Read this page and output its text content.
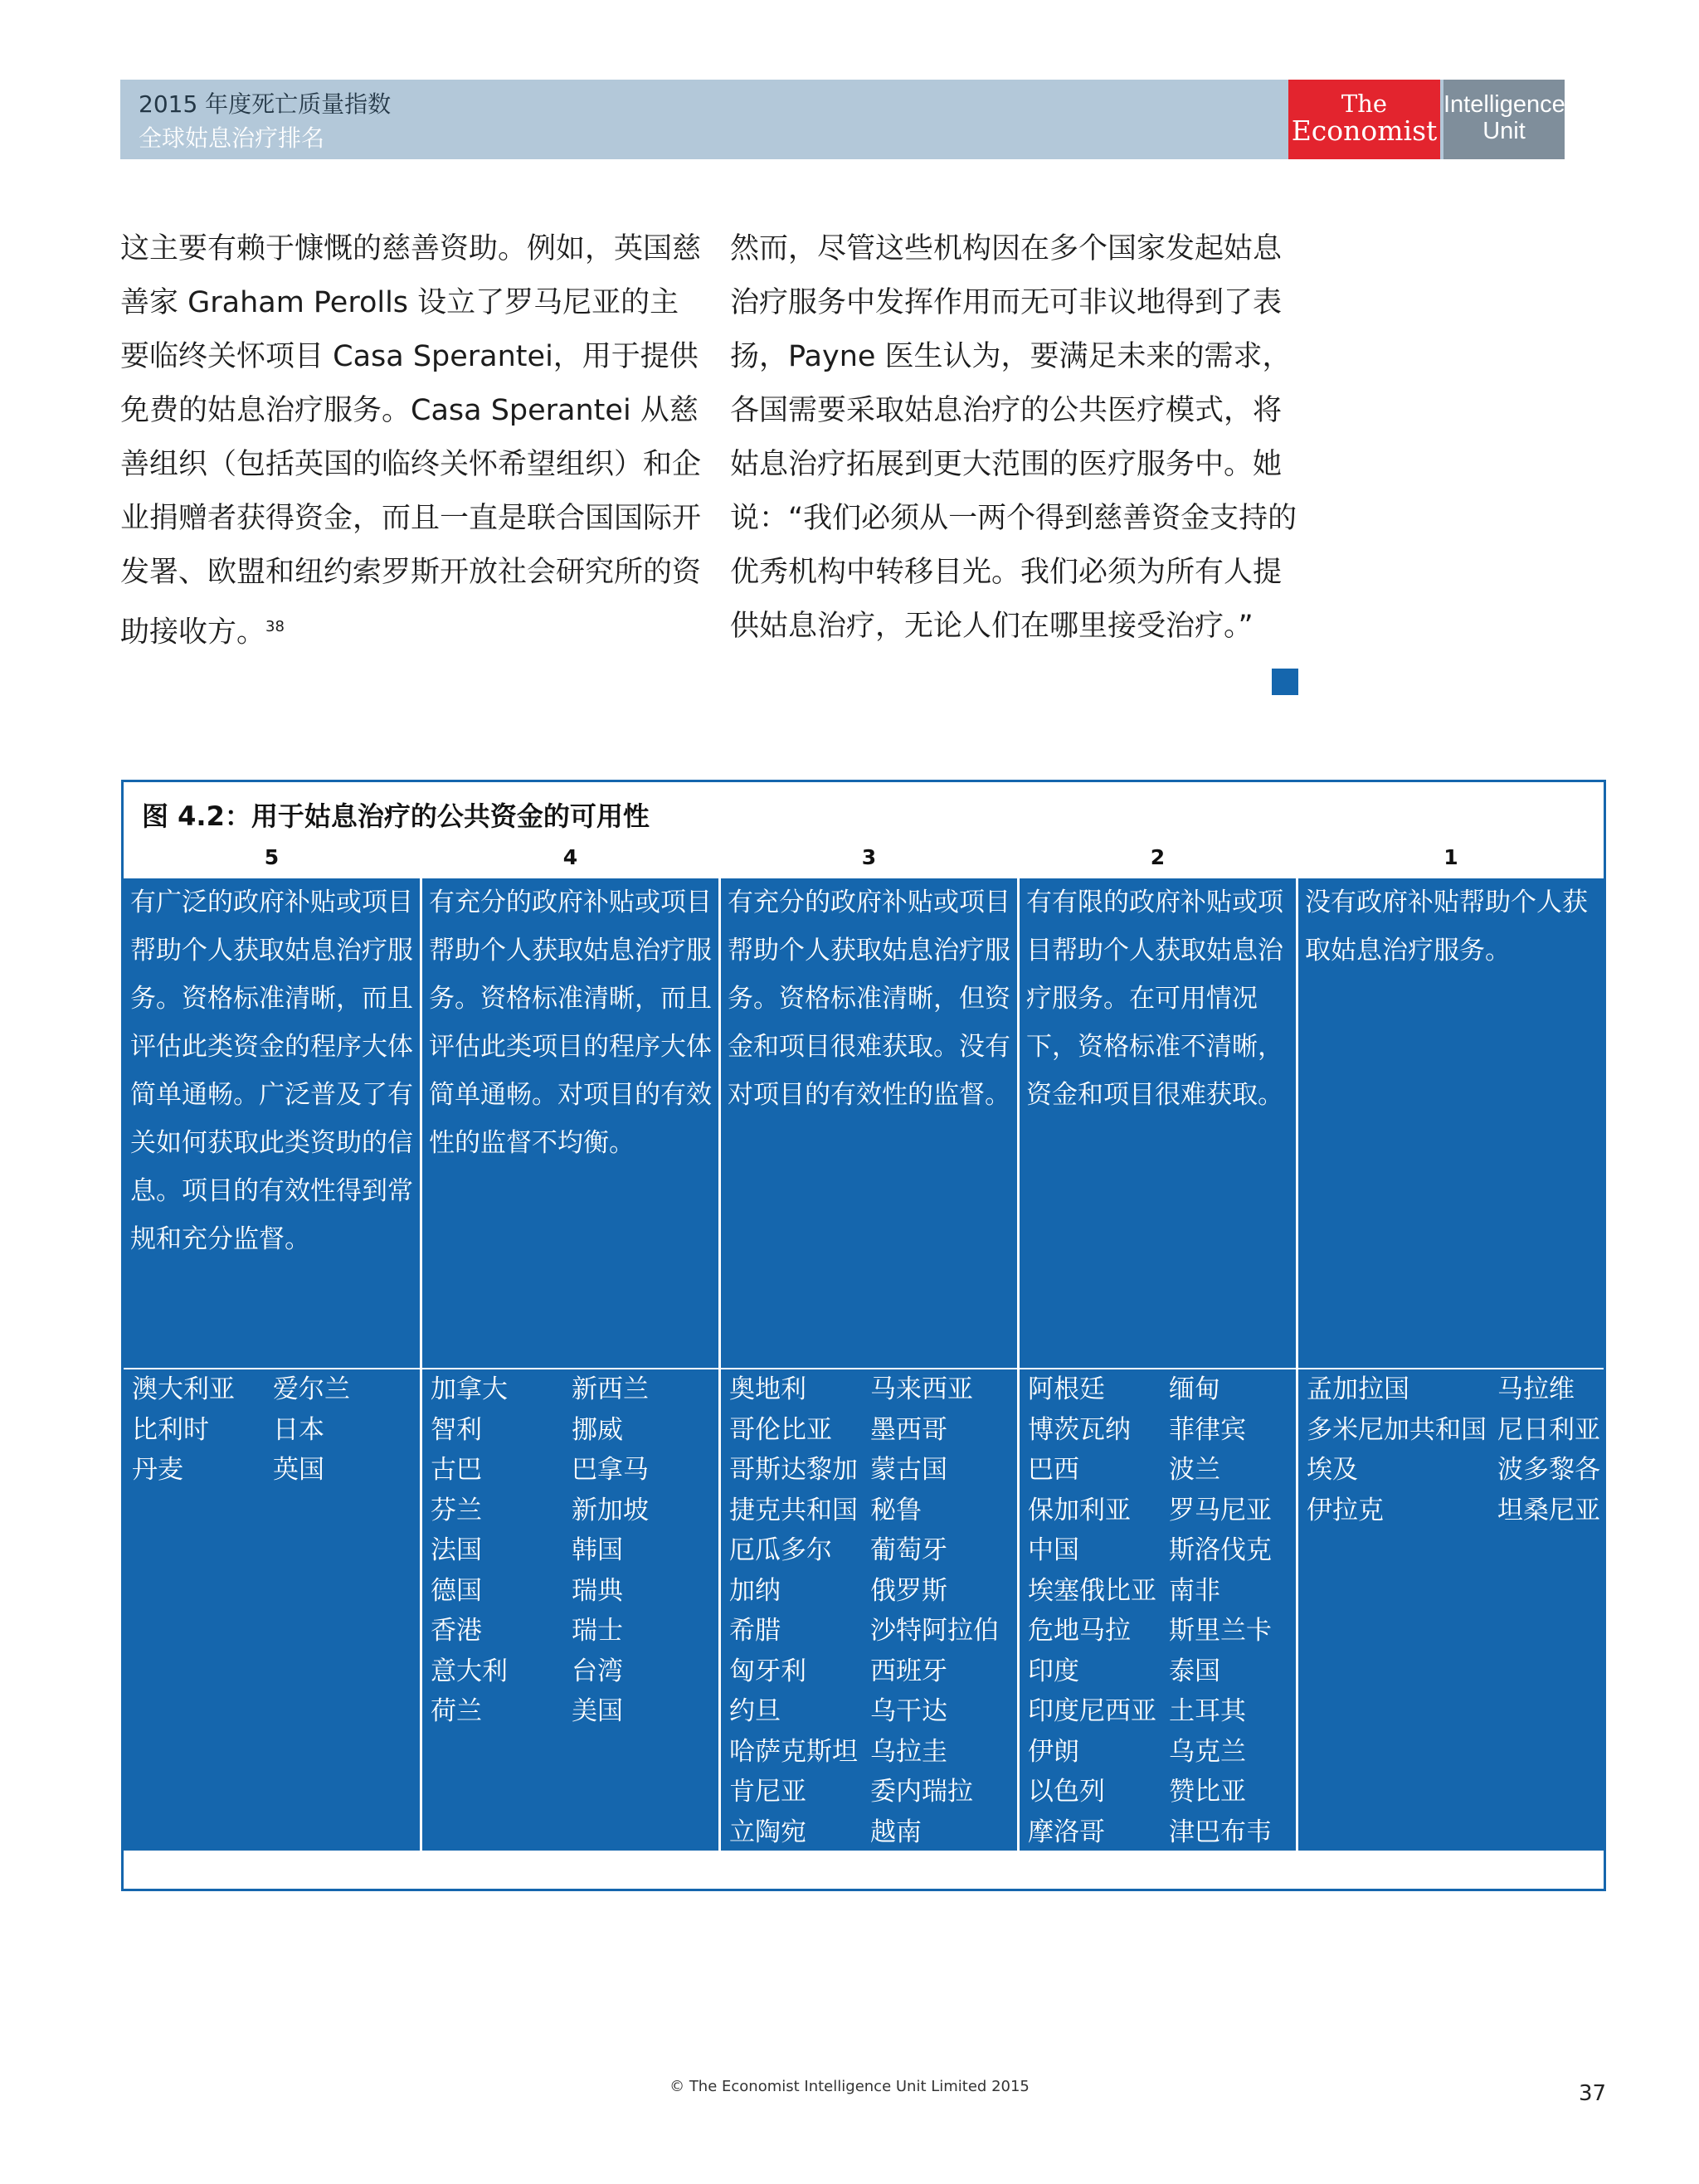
2015 年度死亡质量指数
全球姑息治疗排名
The
Economist
Intelligence
Unit

这主要有赖于慷慨的慈善资助。例如，英国慈善家 Graham Perolls 设立了罗马尼亚的主要临终关怀项目 Casa Sperantei，用于提供免费的姑息治疗服务。Casa Sperantei 从慈善组织（包括英国的临终关怀希望组织）和企业捐赠者获得资金，而且一直是联合国国际开发署、欧盟和纽约索罗斯开放社会研究所的资助接收方。$^{38}$

然而，尽管这些机构因在多个国家发起姑息治疗服务中发挥作用而无可非议地得到了表扬，Payne 医生认为，要满足未来的需求，各国需要采取姑息治疗的公共医疗模式，将姑息治疗拓展到更大范围的医疗服务中。她说：“我们必须从一两个得到慈善资金支持的优秀机构中转移目光。我们必须为所有人提供姑息治疗，无论人们在哪里接受治疗。”

图 4.2：用于姑息治疗的公共资金的可用性
5
有广泛的政府补贴或项目帮助个人获取姑息治疗服务。资格标准清晰，而且评估此类资金的程序大体简单通畅。广泛普及了有关如何获取此类资助的信息。项目的有效性得到常规和充分监督。
澳大利亚
比利时
丹麦
爱尔兰
日本
英国
4
有充分的政府补贴或项目帮助个人获取姑息治疗服务。资格标准清晰，而且评估此类项目的程序大体简单通畅。对项目的有效性的监督不均衡。
加拿大
智利
古巴
芬兰
法国
德国
香港
意大利
荷兰
新西兰
挪威
巴拿马
新加坡
韩国
瑞典
瑞士
台湾
美国
3
有充分的政府补贴或项目帮助个人获取姑息治疗服务。资格标准清晰，但资金和项目很难获取。没有对项目的有效性的监督。
奥地利
哥伦比亚
哥斯达黎加
捷克共和国
厄瓜多尔
加纳
希腊
匈牙利
约旦
哈萨克斯坦
肯尼亚
立陶宛
马来西亚
墨西哥
蒙古国
秘鲁
葡萄牙
俄罗斯
沙特阿拉伯
西班牙
乌干达
乌拉圭
委内瑞拉
越南
2
有有限的政府补贴或项目帮助个人获取姑息治疗服务。在可用情况下，资格标准不清晰，资金和项目很难获取。
阿根廷
博茨瓦纳
巴西
保加利亚
中国
埃塞俄比亚
危地马拉
印度
印度尼西亚
伊朗
以色列
摩洛哥
缅甸
菲律宾
波兰
罗马尼亚
斯洛伐克
南非
斯里兰卡
泰国
土耳其
乌克兰
赞比亚
津巴布韦
1
没有政府补贴帮助个人获取姑息治疗服务。
孟加拉国
多米尼加共和国
埃及
伊拉克
马拉维
尼日利亚
波多黎各
坦桑尼亚
© The Economist Intelligence Unit Limited 2015	37
